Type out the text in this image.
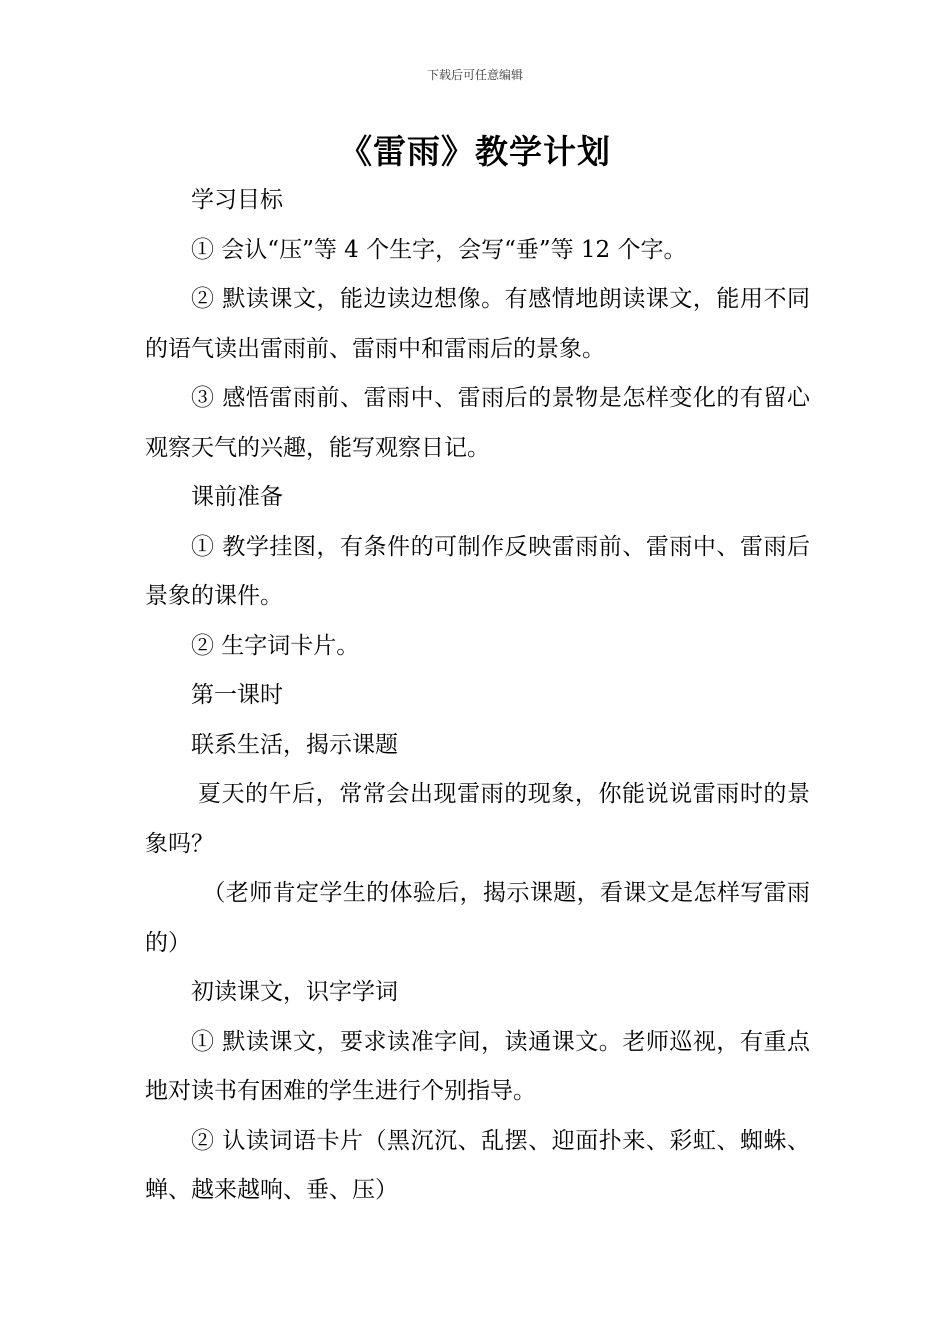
下载后可任意编辑
《雷雨》教学计划

学习目标

① 会认“压”等 4 个生字，会写“垂”等 12 个字。

② 默读课文，能边读边想像。有感情地朗读课文，能用不同的语气读出雷雨前、雷雨中和雷雨后的景象。

③ 感悟雷雨前、雷雨中、雷雨后的景物是怎样变化的有留心观察天气的兴趣，能写观察日记。

课前准备

① 教学挂图，有条件的可制作反映雷雨前、雷雨中、雷雨后景象的课件。

② 生字词卡片。

第一课时

联系生活，揭示课题

夏天的午后，常常会出现雷雨的现象，你能说说雷雨时的景象吗？

（老师肯定学生的体验后，揭示课题，看课文是怎样写雷雨的）

初读课文，识字学词

① 默读课文，要求读准字间，读通课文。老师巡视，有重点地对读书有困难的学生进行个别指导。

② 认读词语卡片（黑沉沉、乱摆、迎面扑来、彩虹、蜘蛛、蝉、越来越响、垂、压）
